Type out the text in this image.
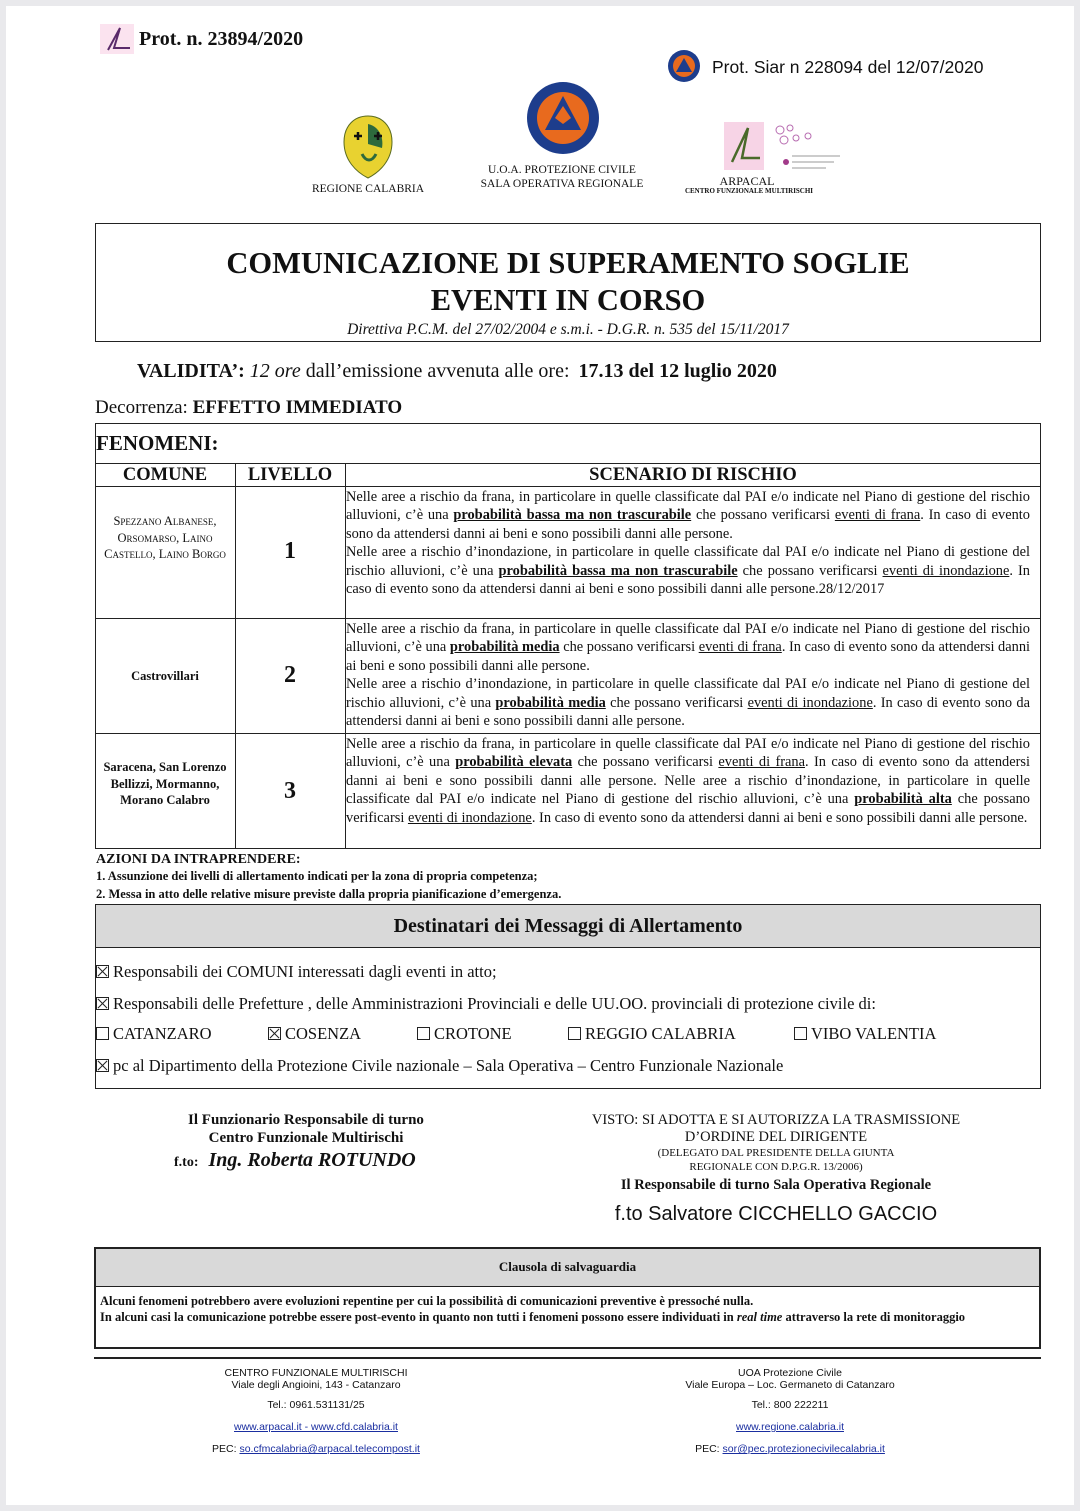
Prot. n. 23894/2020
Prot. Siar n 228094 del 12/07/2020
REGIONE CALABRIA
U.O.A. PROTEZIONE CIVILE
SALA OPERATIVA REGIONALE	ARPACAL
CENTRO FUNZIONALE MULTIRISCHI
COMUNICAZIONE DI SUPERAMENTO SOGLIE
EVENTI IN CORSO
Direttiva P.C.M. del 27/02/2004 e s.m.i. - D.G.R. n. 535 del 15/11/2017
VALIDITA’: 12 ore dall’emissione avvenuta alle ore: 17.13 del 12 luglio 2020
Decorrenza: EFFETTO IMMEDIATO
FENOMENI:
COMUNE	LIVELLO	SCENARIO DI RISCHIO
Spezzano Albanese, Orsomarso, Laino Castello, Laino Borgo	1

Nelle aree a rischio da frana, in particolare in quelle classificate dal PAI e/o indicate nel Piano di gestione del rischio alluvioni, c’è una probabilità bassa ma non trascurabile che possano verificarsi eventi di frana. In caso di evento sono da attendersi danni ai beni e sono possibili danni alle persone.

Nelle aree a rischio d’inondazione, in particolare in quelle classificate dal PAI e/o indicate nel Piano di gestione del rischio alluvioni, c’è una probabilità bassa ma non trascurabile che possano verificarsi eventi di inondazione. In caso di evento sono da attendersi danni ai beni e sono possibili danni alle persone.28/12/2017

Castrovillari	2

Nelle aree a rischio da frana, in particolare in quelle classificate dal PAI e/o indicate nel Piano di gestione del rischio alluvioni, c’è una probabilità media che possano verificarsi eventi di frana. In caso di evento sono da attendersi danni ai beni e sono possibili danni alle persone.

Nelle aree a rischio d’inondazione, in particolare in quelle classificate dal PAI e/o indicate nel Piano di gestione del rischio alluvioni, c’è una probabilità media che possano verificarsi eventi di inondazione. In caso di evento sono da attendersi danni ai beni e sono possibili danni alle persone.

Saracena, San Lorenzo Bellizzi, Mormanno, Morano Calabro	3

Nelle aree a rischio da frana, in particolare in quelle classificate dal PAI e/o indicate nel Piano di gestione del rischio alluvioni, c’è una probabilità elevata che possano verificarsi eventi di frana. In caso di evento sono da attendersi danni ai beni e sono possibili danni alle persone. Nelle aree a rischio d’inondazione, in particolare in quelle classificate dal PAI e/o indicate nel Piano di gestione del rischio alluvioni, c’è una probabilità alta che possano verificarsi eventi di inondazione. In caso di evento sono da attendersi danni ai beni e sono possibili danni alle persone.

AZIONI DA INTRAPRENDERE:
1. Assunzione dei livelli di allertamento indicati per la zona di propria competenza;
2. Messa in atto delle relative misure previste dalla propria pianificazione d’emergenza.
Destinatari dei Messaggi di Allertamento
Responsabili dei COMUNI interessati dagli eventi in atto;
Responsabili delle Prefetture , delle Amministrazioni Provinciali e delle UU.OO. provinciali di protezione civile di:
CATANZARO	COSENZA	CROTONE	REGGIO CALABRIA	VIBO VALENTIA
pc al Dipartimento della Protezione Civile nazionale – Sala Operativa – Centro Funzionale Nazionale
Il Funzionario Responsabile di turno
Centro Funzionale Multirischi
f.to: Ing. Roberta ROTUNDO
VISTO: SI ADOTTA E SI AUTORIZZA LA TRASMISSIONE
D’ORDINE DEL DIRIGENTE
(DELEGATO DAL PRESIDENTE DELLA GIUNTA
REGIONALE CON D.P.G.R. 13/2006)
Il Responsabile di turno Sala Operativa Regionale
f.to Salvatore CICCHELLO GACCIO
Clausola di salvaguardia
Alcuni fenomeni potrebbero avere evoluzioni repentine per cui la possibilità di comunicazioni preventive è pressoché nulla.
In alcuni casi la comunicazione potrebbe essere post-evento in quanto non tutti i fenomeni possono essere individuati in real time attraverso la rete di monitoraggio
CENTRO FUNZIONALE MULTIRISCHI
Viale degli Angioini, 143 - Catanzaro
Tel.: 0961.531131/25
www.arpacal.it - www.cfd.calabria.it
PEC: so.cfmcalabria@arpacal.telecompost.it
UOA Protezione Civile
Viale Europa – Loc. Germaneto di Catanzaro
Tel.: 800 222211
www.regione.calabria.it
PEC: sor@pec.protezionecivilecalabria.it
